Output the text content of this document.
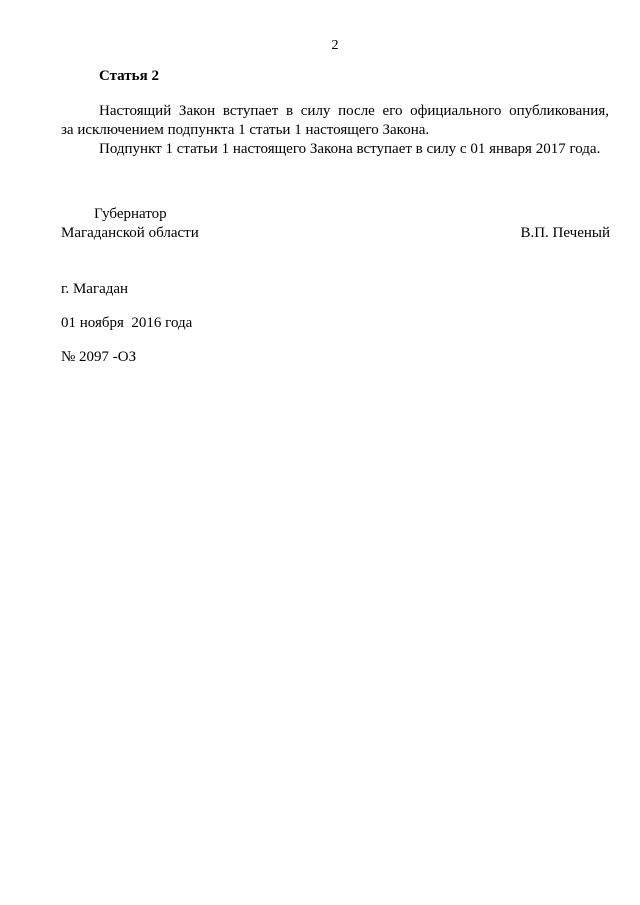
2
Статья 2
Настоящий Закон вступает в силу после его официального опубликования,
за исключением подпункта 1 статьи 1 настоящего Закона.
Подпункт 1 статьи 1 настоящего Закона вступает в силу с 01 января 2017 года.
Губернатор
Магаданской области	В.П. Печеный
г. Магадан
01 ноября  2016 года
№ 2097 -ОЗ
